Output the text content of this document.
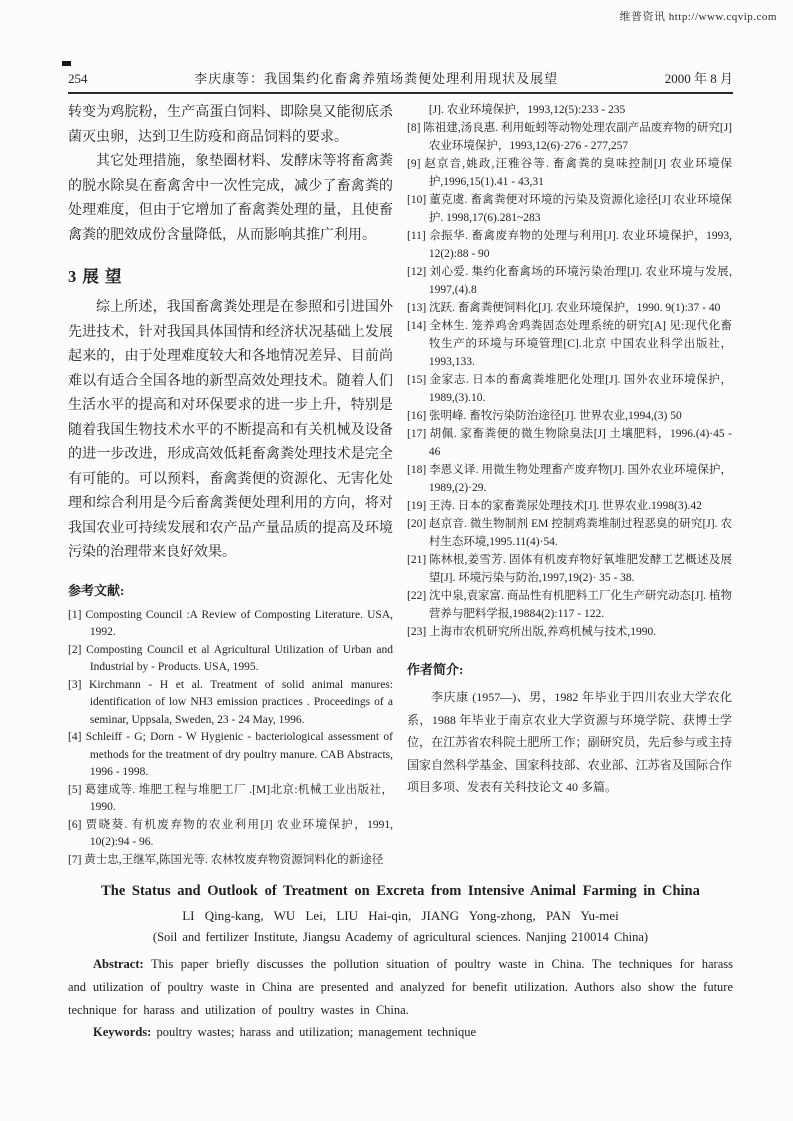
维普资讯 http://www.cqvip.com
254	李庆康等：我国集约化畜禽养殖场粪便处理利用现状及展望	2000 年 8 月

转变为鸡脘粉，生产高蛋白饲料、即除臭又能彻底杀菌灭虫卵，达到卫生防疫和商品饲料的要求。

其它处理措施，象垫圈材料、发酵床等将畜禽粪的脱水除臭在畜禽舍中一次性完成，减少了畜禽粪的处理难度，但由于它增加了畜禽粪处理的量，且使畜禽粪的肥效成份含量降低，从而影响其推广利用。

3 展 望

综上所述，我国畜禽粪处理是在参照和引进国外先进技术，针对我国具体国情和经济状况基础上发展起来的，由于处理难度较大和各地情况差异、目前尚难以有适合全国各地的新型高效处理技术。随着人们生活水平的提高和对环保要求的进一步上升，特别是随着我国生物技术水平的不断提高和有关机械及设备的进一步改进，形成高效低耗畜禽粪处理技术是完全有可能的。可以预料，畜禽粪便的资源化、无害化处理和综合利用是今后畜禽粪便处理利用的方向，将对我国农业可持续发展和农产品产量品质的提高及环境污染的治理带来良好效果。

参考文献:

[1] Composting Council :A Review of Composting Literature. USA, 1992.

[2] Composting Council et al Agricultural Utilization of Urban and Industrial by - Products. USA, 1995.

[3] Kirchmann - H et al. Treatment of solid animal manures: identification of low NH3 emission practices . Proceedings of a seminar, Uppsala, Sweden, 23 - 24 May, 1996.

[4] Schleiff - G; Dorn - W Hygienic - bacteriological assessment of methods for the treatment of dry poultry manure. CAB Abstracts, 1996 - 1998.

[5] 葛建成等. 堆肥工程与堆肥工厂 .[M]北京:机械工业出版社，1990.

[6] 贾晓葵. 有机废弃物的农业利用[J] 农业环境保护，1991, 10(2):94 - 96.

[7] 黄士忠,王继军,陈国光等. 农林牧废弃物资源饲料化的新途径

[J]. 农业环境保护，1993,12(5):233 - 235

[8] 陈祖建,汤良惠. 利用蚯蚓等动物处理农副产品废弃物的研究[J] 农业环境保护，1993,12(6)·276 - 277,257

[9] 赵京音,姚政,汪雅谷等. 畜禽粪的臭味控制[J] 农业环境保护,1996,15(1).41 - 43,31

[10] 董克虞. 畜禽粪便对环境的污染及资源化途径[J] 农业环境保护. 1998,17(6).281~283

[11] 佘振华. 畜禽废弃物的处理与利用[J]. 农业环境保护，1993, 12(2):88 - 90

[12] 刘心爱. 集约化畜禽场的环境污染治理[J]. 农业环境与发展, 1997,(4).8

[13] 沈跃. 畜禽粪便饲料化[J]. 农业环境保护，1990. 9(1):37 - 40

[14] 全林生. 笼养鸡舍鸡粪固态处理系统的研究[A] 见:现代化畜牧生产的环境与环境管理[C].北京 中国农业科学出版社，1993,133.

[15] 金家志. 日本的畜禽粪堆肥化处理[J]. 国外农业环境保护，1989,(3).10.

[16] 张明峰. 畜牧污染防治途径[J]. 世界农业,1994,(3) 50

[17] 胡佩. 家畜粪便的微生物除臭法[J] 土壤肥料，1996.(4)·45 - 46

[18] 李恩义译. 用微生物处理畜产废弃物[J]. 国外农业环境保护，1989,(2)·29.

[19] 王涛. 日本的家畜粪尿处理技术[J]. 世界农业.1998(3).42

[20] 赵京音. 微生物制剂 EM 控制鸡粪堆制过程恶臭的研究[J]. 农村生态环境,1995.11(4)·54.

[21] 陈林根,姜雪芳. 固体有机废弃物好氧堆肥发酵工艺概述及展望[J]. 环境污染与防治,1997,19(2)· 35 - 38.

[22] 沈中泉,袁家富. 商品性有机肥料工厂化生产研究动态[J]. 植物营养与肥料学报,19884(2):117 - 122.

[23] 上海市农机研究所出版,养鸡机械与技术,1990.

作者简介:

李庆康 (1957—)、男，1982 年毕业于四川农业大学农化系，1988 年毕业于南京农业大学资源与环境学院、获博士学位，在江苏省农科院土肥所工作；副研究员，先后参与或主持国家自然科学基金、国家科技部、农业部、江苏省及国际合作项目多项、发表有关科技论文 40 多篇。

The Status and Outlook of Treatment on Excreta from Intensive Animal Farming in China
LI Qing-kang, WU Lei, LIU Hai-qin, JIANG Yong-zhong, PAN Yu-mei
(Soil and fertilizer Institute, Jiangsu Academy of agricultural sciences. Nanjing 210014 China)

Abstract: This paper briefly discusses the pollution situation of poultry waste in China. The techniques for harass and utilization of poultry waste in China are presented and analyzed for benefit utilization. Authors also show the future technique for harass and utilization of poultry wastes in China.

Keywords: poultry wastes; harass and utilization; management technique
